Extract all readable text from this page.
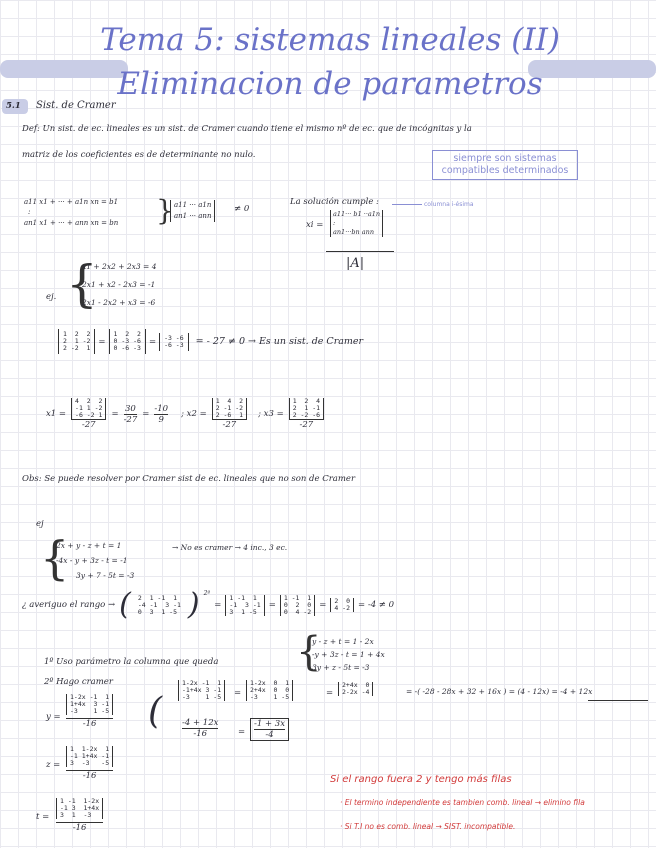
Tema 5: sistemas lineales (II)
Eliminacion de parametros
5.1 Sist. de Cramer
Def: Un sist. de ec. lineales es un sist. de Cramer cuando tiene el mismo nº de ec. que de incógnitas y la
matriz de los coeficientes es de determinante no nulo.	siempre son sistemas compatibles determinados
a11 x1 + ··· + a1n xn = b1
:
an1 x1 + ··· + ann xn = bn } a11 ··· a1n
an1 ··· ann
≠ 0
La solución cumple :	columna i-ésima
xi =
a11··· b1 ··a1n
:
an1···bn ann
|A|
ej. {
x1 + 2x2 + 2x3 = 4
2x1 + x2 - 2x3 = -1
2x1 - 2x2 + x3 = -6
1  2  2
2  1 -2
2 -2  1
=
1  2  2
0 -3 -6
0 -6 -3
=	-3 -6
-6 -3	= - 27 ≠ 0 → Es un sist. de Cramer
x1 = 4  2  2
-1 1 -2
-6 -2 1
$-27 = \frac{30}{-27} = \frac{-10}{9}$ ; x2 = 1  4  2
2 -1 -2
2 -6  1
-27 ; x3 = 1  2  4
2  1 -1
2 -2 -6
-27
Obs: Se puede resolver por Cramer sist de ec. lineales que no son de Cramer
ej
{
2x + y - z + t = 1
-4x - y + 3z - t = -1
3y + 7 - 5t = -3
→ No es cramer → 4 inc., 3 ec.
¿ averiguo el rango → (	2  1 -1  1
-4 -1  3 -1
0  3  1 -5 ) 2º
=
1 -1  1
-1  3 -1
3  1 -5
=
1 -1  1
0  2  0
0  4 -2
=	2  0
4 -2 = -4 ≠ 0
1º Uso parámetro la columna que queda
2º Hago cramer
{
y - z + t = 1 - 2x
-y + 3z - t = 1 + 4x
3y + z - 5t = -3
y =
1-2x -1  1
1+4x  3 -1
-3    1 -5
-16 (
1-2x -1  1
-1+4x 3 -1
-3    1 -5	=
1-2x  0  1
2+4x  0  0
-3    1 -5	=
2+4x  0
2-2x -4	= -( -28 - 28x + 32 + 16x ) = (4 - 12x) = -4 + 12x
-4 + 12x
-16	=
-1 + 3x
-4
z =
1  1-2x  1
-1 1+4x -1
3  -3   -5
-16
t =
1 -1  1-2x
-1 3  1+4x
3  1  -3
-16
Si el rango fuera 2 y tengo más filas
· El termino independiente es tambien comb. lineal → elimino fila
· Si T.I no es comb. lineal → SIST. incompatible.
